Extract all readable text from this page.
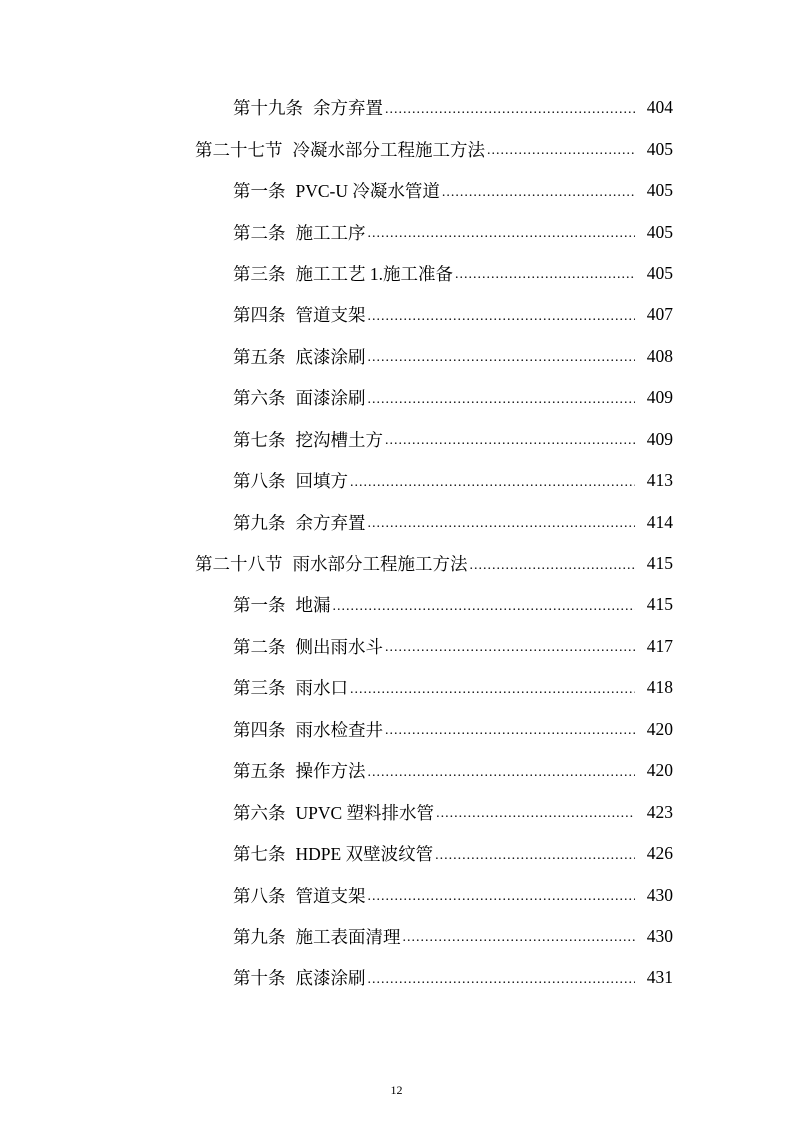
第十九条 余方弃置 .....	404
第二十七节 冷凝水部分工程施工方法 .....	405
第一条 PVC-U 冷凝水管道 .....	405
第二条 施工工序 .....	405
第三条 施工工艺 1.施工准备 .....	405
第四条 管道支架 .....	407
第五条 底漆涂刷 .....	408
第六条 面漆涂刷 .....	409
第七条 挖沟槽土方 .....	409
第八条 回填方 .....	413
第九条 余方弃置 .....	414
第二十八节 雨水部分工程施工方法 .....	415
第一条 地漏 .....	415
第二条 侧出雨水斗 .....	417
第三条 雨水口 .....	418
第四条 雨水检查井 .....	420
第五条 操作方法 .....	420
第六条 UPVC 塑料排水管 .....	423
第七条 HDPE 双壁波纹管 .....	426
第八条 管道支架 .....	430
第九条 施工表面清理 .....	430
第十条 底漆涂刷 .....	431
12
